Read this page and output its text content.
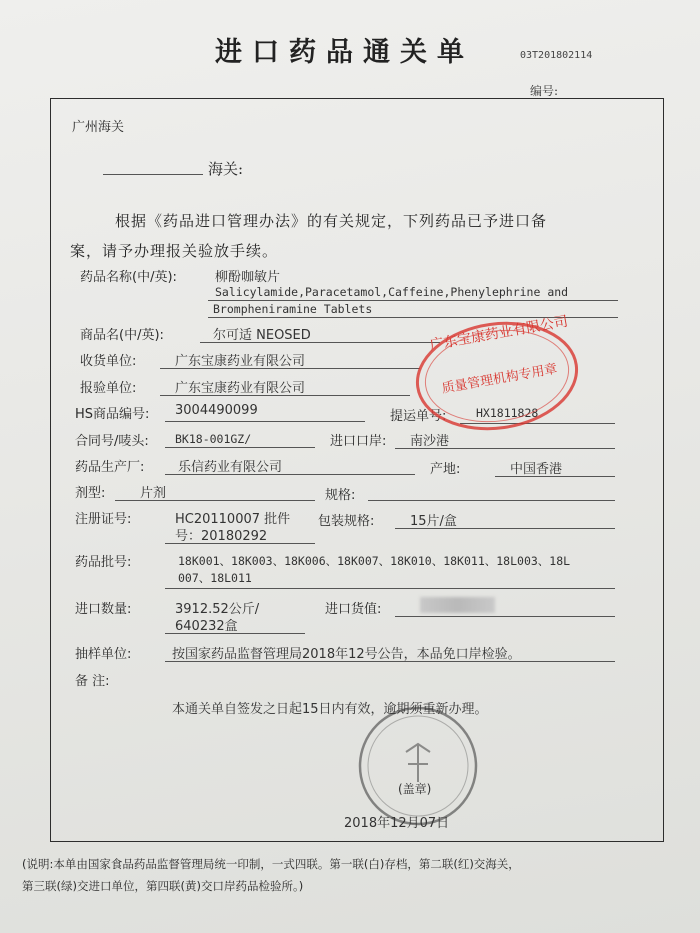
进口药品通关单	03T201802114
编号:
广州海关
海关:
根据《药品进口管理办法》的有关规定，下列药品已予进口备
案，请予办理报关验放手续。
药品名称(中/英):	柳酚咖敏片
Salicylamide,Paracetamol,Caffeine,Phenylephrine and
Brompheniramine Tablets
商品名(中/英):	尔可适 NEOSED
收货单位:	广东宝康药业有限公司
报验单位:	广东宝康药业有限公司
HS商品编号: 3004490099	提运单号:	HX1811828
合同号/唛头: BK18-001GZ/	进口口岸: 南沙港
药品生产厂:	乐信药业有限公司	产地:	中国香港
剂型:	片剂	规格:
注册证号:	HC20110007 批件
号：20180292
包装规格:	15片/盒
药品批号:	18K001、18K003、18K006、18K007、18K010、18K011、18L003、18L
007、18L011
进口数量:	3912.52公斤/
640232盒
进口货值:
抽样单位:	按国家药品监督管理局2018年12号公告，本品免口岸检验。
备 注:
本通关单自签发之日起15日内有效，逾期须重新办理。
(盖章)
2018年12月07日
广东宝康药业有限公司
质量管理机构专用章
(说明:本单由国家食品药品监督管理局统一印制，一式四联。第一联(白)存档，第二联(红)交海关，
第三联(绿)交进口单位，第四联(黄)交口岸药品检验所。)
